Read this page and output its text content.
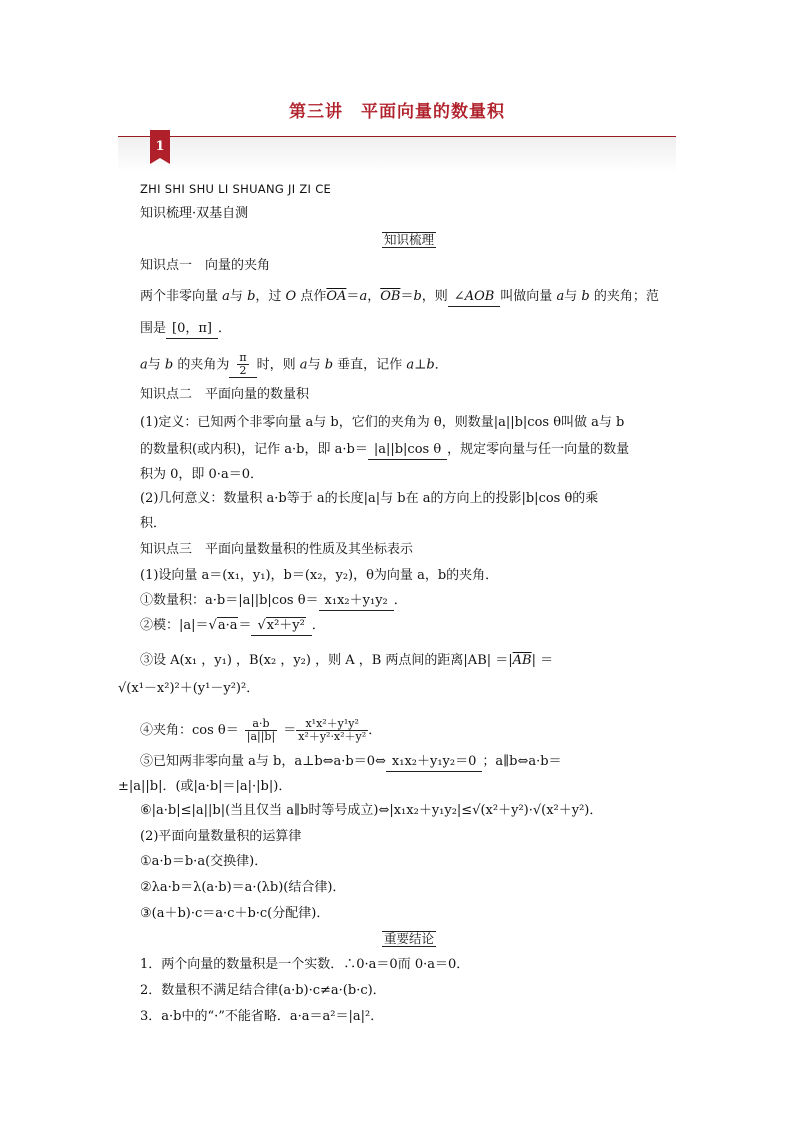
第三讲　平面向量的数量积
1
ZHI SHI SHU LI SHUANG JI ZI CE
知识梳理·双基自测
知识梳理
知识点一　向量的夹角
两个非零向量 a与 b，过 O 点作$\overline{OA}=a$，$\overline{OB}=b$，则 ∠AOB 叫做向量 a与 b 的夹角；范
围是 [0，π] ．
a与 b 的夹角为 $\frac{\pi}{2}$ 时，则 a与 b 垂直，记作 a⊥b．
知识点二　平面向量的数量积
(1)定义：已知两个非零向量 a与 b，它们的夹角为 θ，则数量|a||b|cos θ叫做 a与 b
的数量积(或内积)，记作 a·b，即 a·b＝ |a||b|cos θ ，规定零向量与任一向量的数量
积为 0，即 0·a＝0．
(2)几何意义：数量积 a·b等于 a的长度|a|与 b在 a的方向上的投影|b|cos θ的乘
积．
知识点三　平面向量数量积的性质及其坐标表示
(1)设向量 a＝(x₁，y₁)，b＝(x₂，y₂)，θ为向量 a，b的夹角．
①数量积：a·b＝|a||b|cos θ＝ x₁x₂＋y₁y₂ ．
②模：|a|＝√a·a＝ √x²＋y² ．
③设 A(x₁ ，y₁) ，B(x₂ ，y₂) ，则 A ，B 两点间的距离$|AB| =|\overline{AB}|$ ＝
√(x¹－x²)²＋(y¹－y²)²．
④夹角：$\cos \theta= \frac{a\cdot b}{|a||b|} = \frac{\text{x¹x²＋y¹y²}}{\text{x²＋y²·x²＋y²}}$ ．
⑤已知两非零向量 a与 b，a⊥b⇔a·b＝0⇔ x₁x₂＋y₁y₂＝0 ；a∥b⇔a·b＝
±|a||b|．(或|a·b|＝|a|·|b|)．
⑥|a·b|≤|a||b|(当且仅当 a∥b时等号成立)⇔|x₁x₂＋y₁y₂|≤√(x²＋y²)·√(x²＋y²)．
(2)平面向量数量积的运算律
①a·b＝b·a(交换律)．
②λa·b＝λ(a·b)＝a·(λb)(结合律)．
③(a＋b)·c＝a·c＋b·c(分配律)．
重要结论
1．两个向量的数量积是一个实数．∴0·a＝0而 0·a＝0．
2．数量积不满足结合律(a·b)·c≠a·(b·c)．
3．a·b中的“·”不能省略．a·a＝a²＝|a|²．
